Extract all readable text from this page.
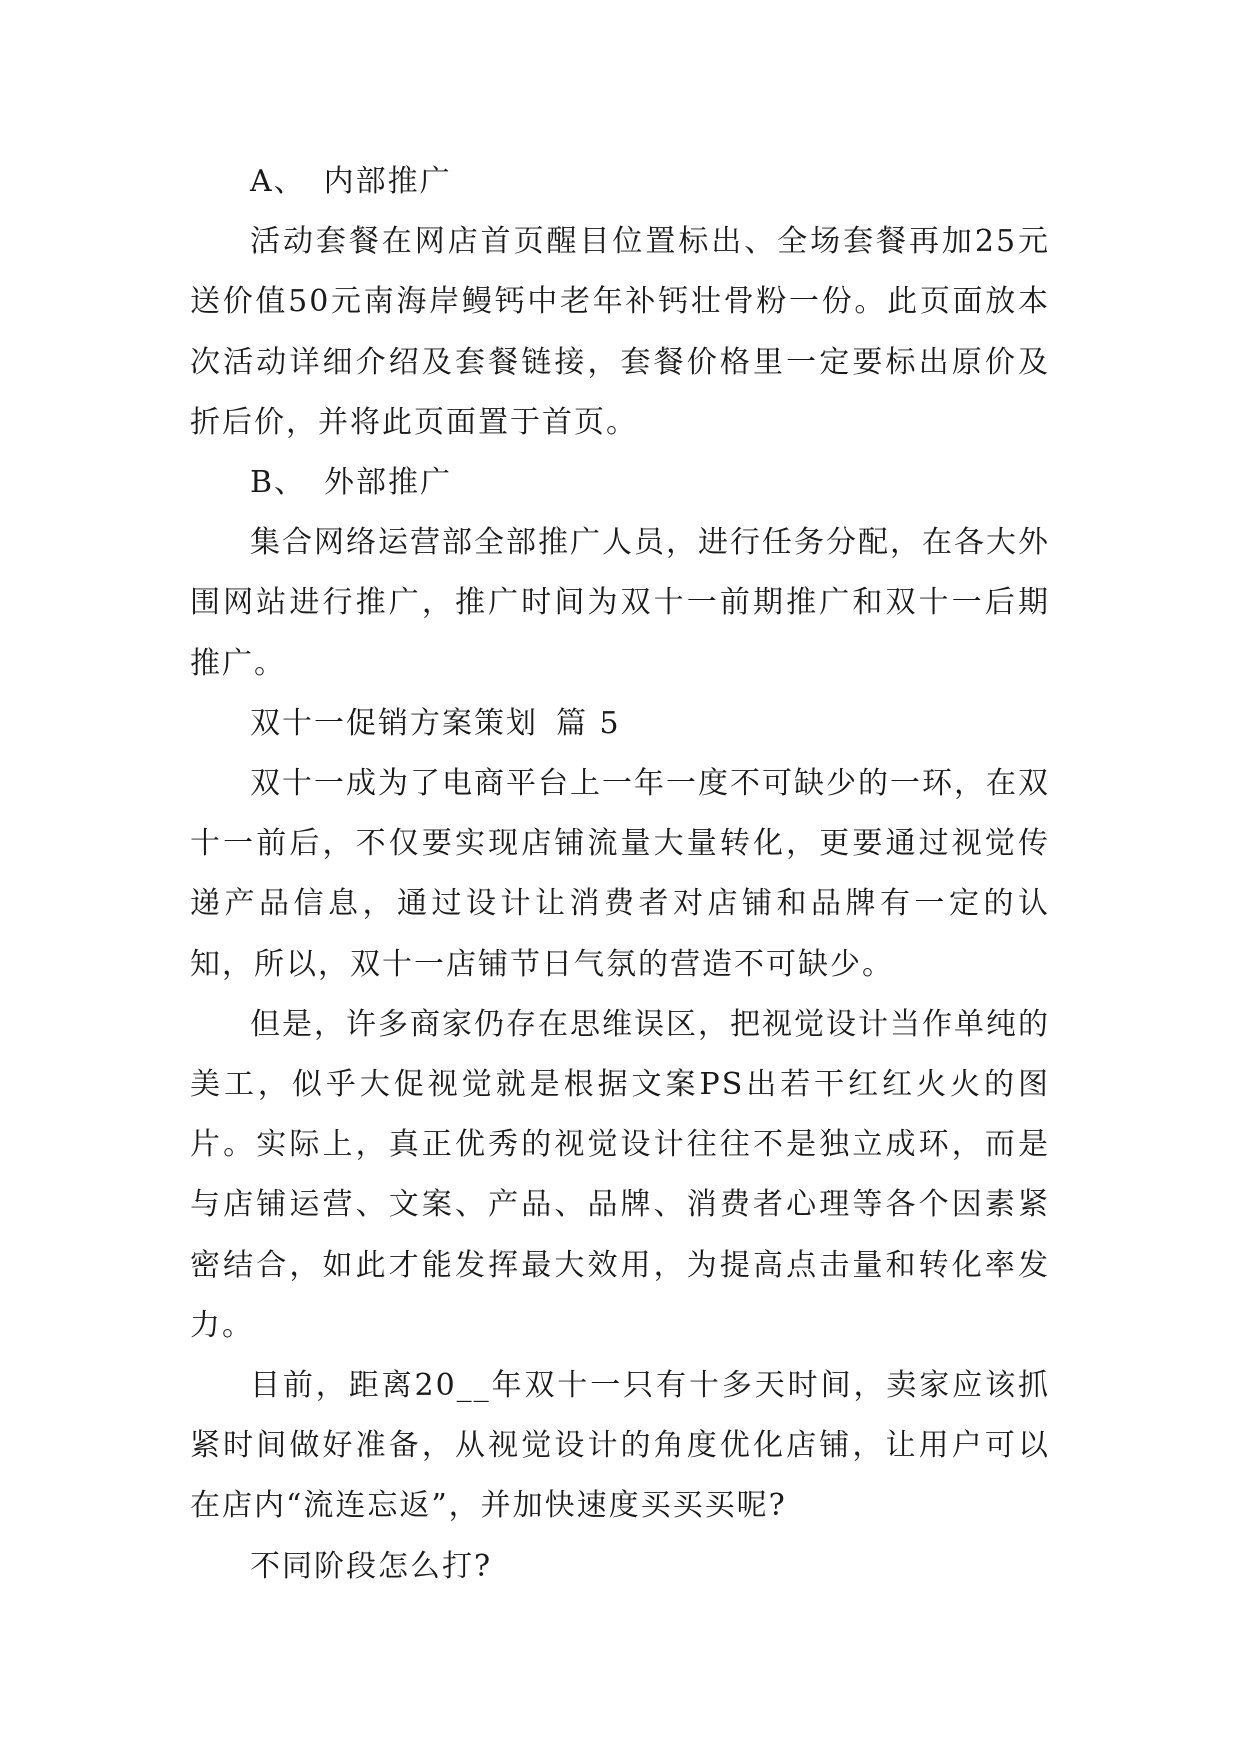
A、 内部推广

活动套餐在网店首页醒目位置标出、全场套餐再加25元送价值50元南海岸鳗钙中老年补钙壮骨粉一份。此页面放本次活动详细介绍及套餐链接，套餐价格里一定要标出原价及折后价，并将此页面置于首页。

B、 外部推广

集合网络运营部全部推广人员，进行任务分配，在各大外围网站进行推广，推广时间为双十一前期推广和双十一后期推广。

双十一促销方案策划 篇 5

双十一成为了电商平台上一年一度不可缺少的一环，在双十一前后，不仅要实现店铺流量大量转化，更要通过视觉传递产品信息，通过设计让消费者对店铺和品牌有一定的认知，所以，双十一店铺节日气氛的营造不可缺少。

但是，许多商家仍存在思维误区，把视觉设计当作单纯的美工，似乎大促视觉就是根据文案PS出若干红红火火的图片。实际上，真正优秀的视觉设计往往不是独立成环，而是与店铺运营、文案、产品、品牌、消费者心理等各个因素紧密结合，如此才能发挥最大效用，为提高点击量和转化率发力。

目前，距离20__年双十一只有十多天时间，卖家应该抓紧时间做好准备，从视觉设计的角度优化店铺，让用户可以在店内“流连忘返”，并加快速度买买买呢?

不同阶段怎么打?
